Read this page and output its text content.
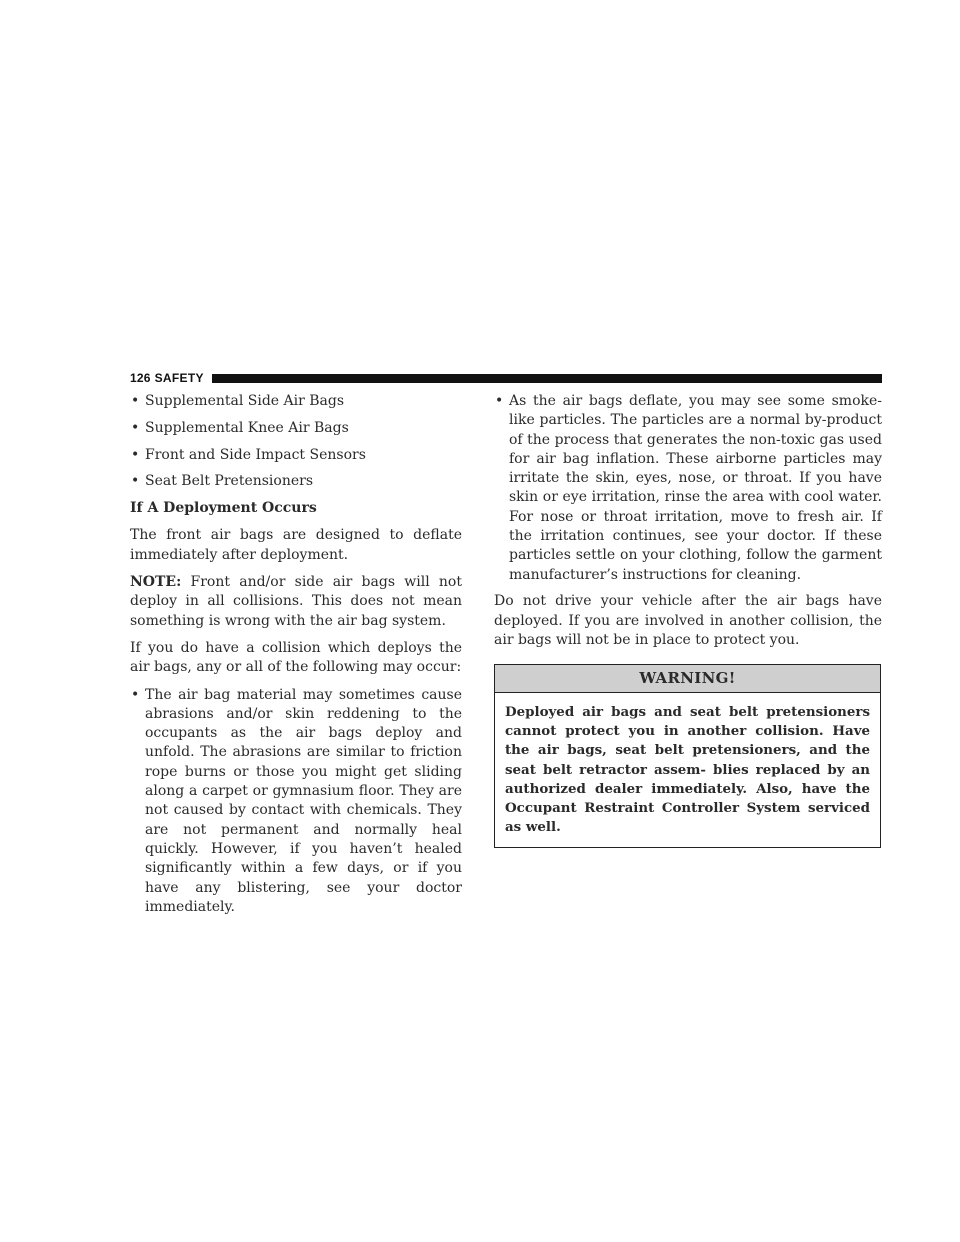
126 SAFETY
• Supplemental Side Air Bags
• Supplemental Knee Air Bags
• Front and Side Impact Sensors
• Seat Belt Pretensioners
If A Deployment Occurs

The front air bags are designed to deflate immediately after deployment.

NOTE: Front and/or side air bags will not deploy in all collisions. This does not mean something is wrong with the air bag system.

If you do have a collision which deploys the air bags, any or all of the following may occur:

• The air bag material may sometimes cause abrasions and/or skin reddening to the occupants as the air bags deploy and unfold. The abrasions are similar to friction rope burns or those you might get sliding along a carpet or gymnasium floor. They are not caused by contact with chemicals. They are not permanent and normally heal quickly. However, if you haven’t healed significantly within a few days, or if you have any blistering, see your doctor immediately.
• As the air bags deflate, you may see some smoke-like particles. The particles are a normal by-product of the process that generates the non-toxic gas used for air bag inflation. These airborne particles may irritate the skin, eyes, nose, or throat. If you have skin or eye irritation, rinse the area with cool water. For nose or throat irritation, move to fresh air. If the irritation continues, see your doctor. If these particles settle on your clothing, follow the garment manufacturer’s instructions for cleaning.

Do not drive your vehicle after the air bags have deployed. If you are involved in another collision, the air bags will not be in place to protect you.

WARNING!
Deployed air bags and seat belt pretensioners cannot protect you in another collision. Have the air bags, seat belt pretensioners, and the seat belt retractor assem- blies replaced by an authorized dealer immediately. Also, have the Occupant Restraint Controller System serviced as well.
